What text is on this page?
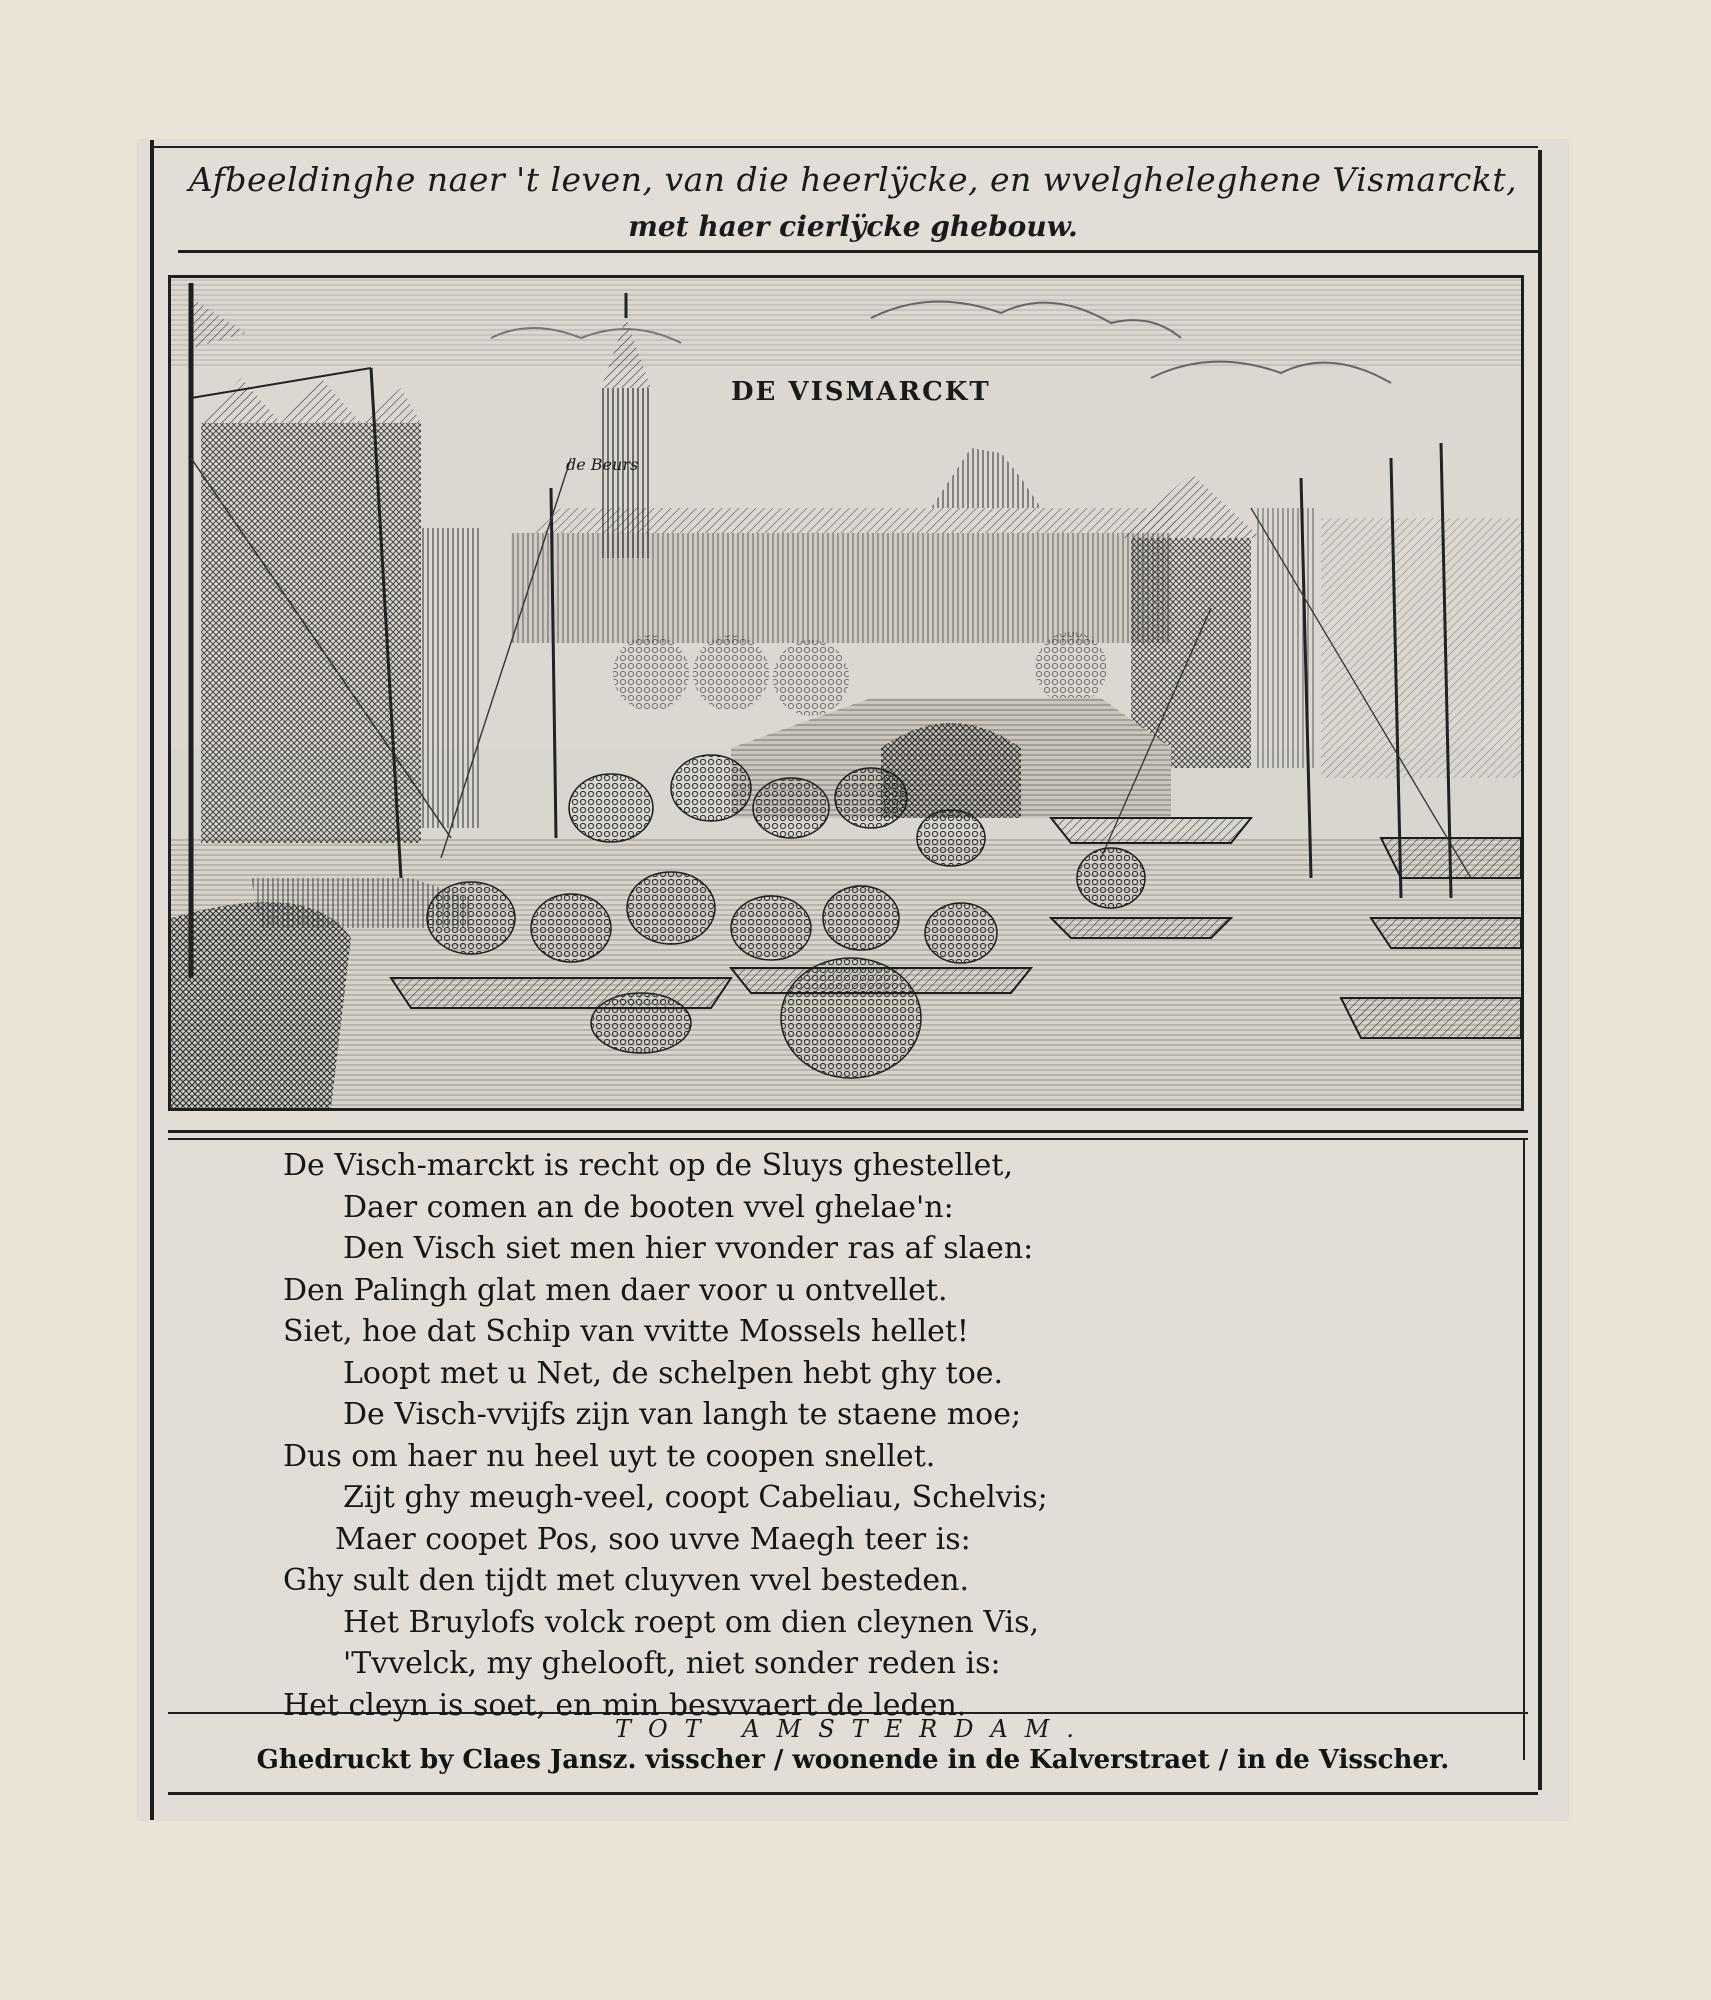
Afbeeldinghe naer 't leven, van die heerlÿcke, en wvelgheleghene Vismarckt,
met haer cierlÿcke ghebouw.
DE VISMARCKT
de Beurs
De Visch-marckt is recht op de Sluys ghestellet,
Daer comen an de booten vvel ghelae'n:
Den Visch siet men hier vvonder ras af slaen:
Den Palingh glat men daer voor u ontvellet.
Siet, hoe dat Schip van vvitte Mossels hellet!
Loopt met u Net, de schelpen hebt ghy toe.
De Visch-vvijfs zijn van langh te staene moe;
Dus om haer nu heel uyt te coopen snellet.
Zijt ghy meugh-veel, coopt Cabeliau, Schelvis;
Maer coopet Pos, soo uvve Maegh teer is:
Ghy sult den tijdt met cluyven vvel besteden.
Het Bruylofs volck roept om dien cleynen Vis,
'Tvvelck, my ghelooft, niet sonder reden is:
Het cleyn is soet, en min besvvaert de leden.
TOT AMSTERDAM.
Ghedruckt by Claes Jansz. visscher / woonende in de Kalverstraet / in de Visscher.
